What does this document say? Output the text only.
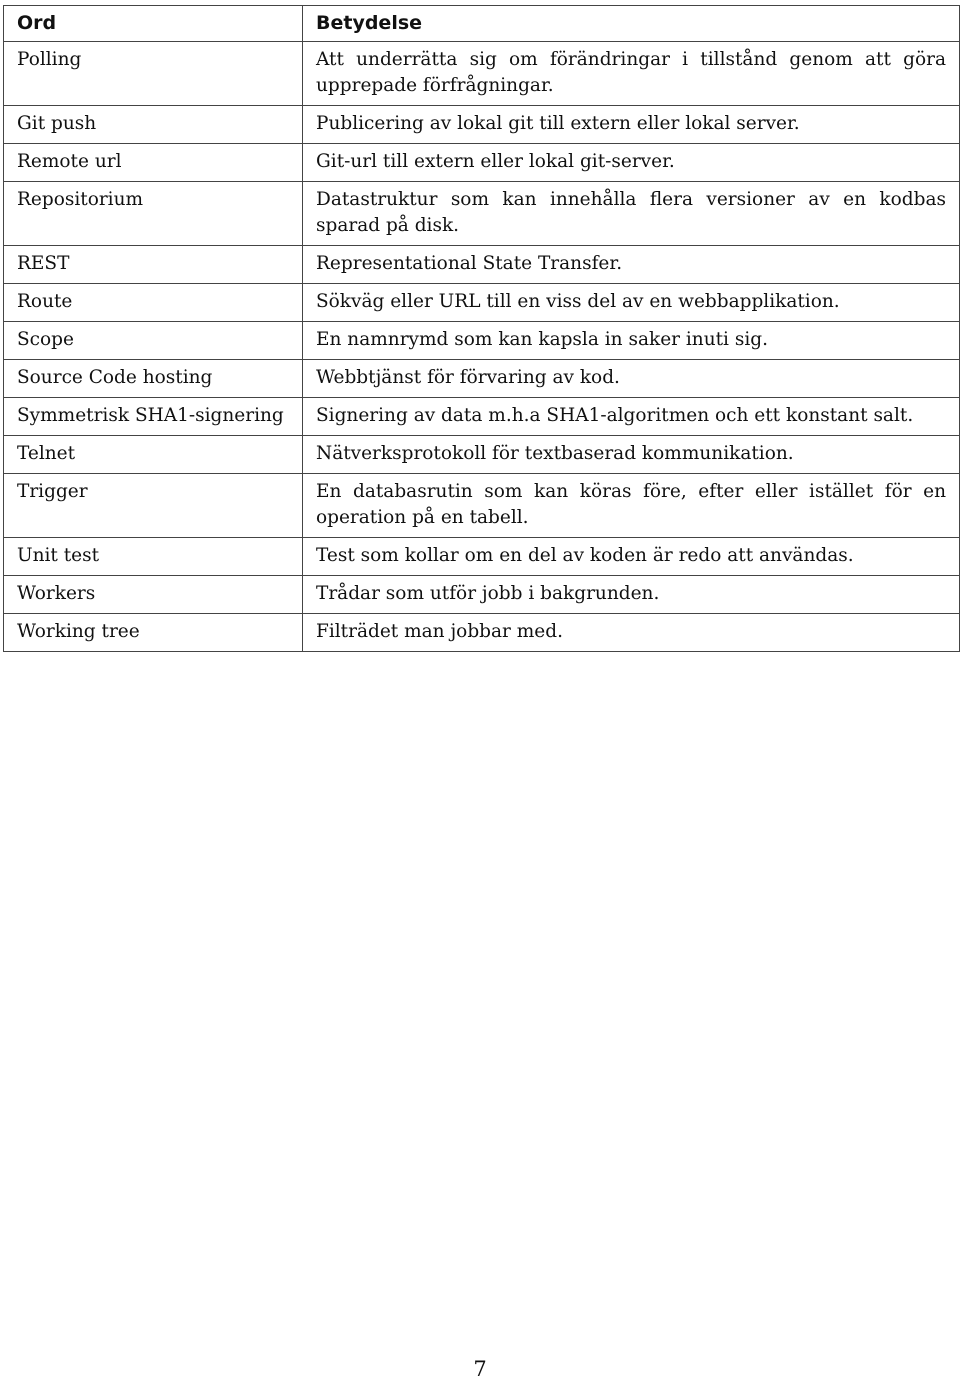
Ord	Betydelse
Polling	Att underrätta sig om förändringar i tillstånd genom att göra upprepade förfrågningar.
Git push	Publicering av lokal git till extern eller lokal server.
Remote url	Git-url till extern eller lokal git-server.
Repositorium	Datastruktur som kan innehålla flera versioner av en kodbas sparad på disk.
REST	Representational State Transfer.
Route	Sökväg eller URL till en viss del av en webbapplikation.
Scope	En namnrymd som kan kapsla in saker inuti sig.
Source Code hosting	Webbtjänst för förvaring av kod.
Symmetrisk SHA1-signering	Signering av data m.h.a SHA1-algoritmen och ett konstant salt.
Telnet	Nätverksprotokoll för textbaserad kommunikation.
Trigger	En databasrutin som kan köras före, efter eller istället för en operation på en tabell.
Unit test	Test som kollar om en del av koden är redo att användas.
Workers	Trådar som utför jobb i bakgrunden.
Working tree	Filträdet man jobbar med.
7
